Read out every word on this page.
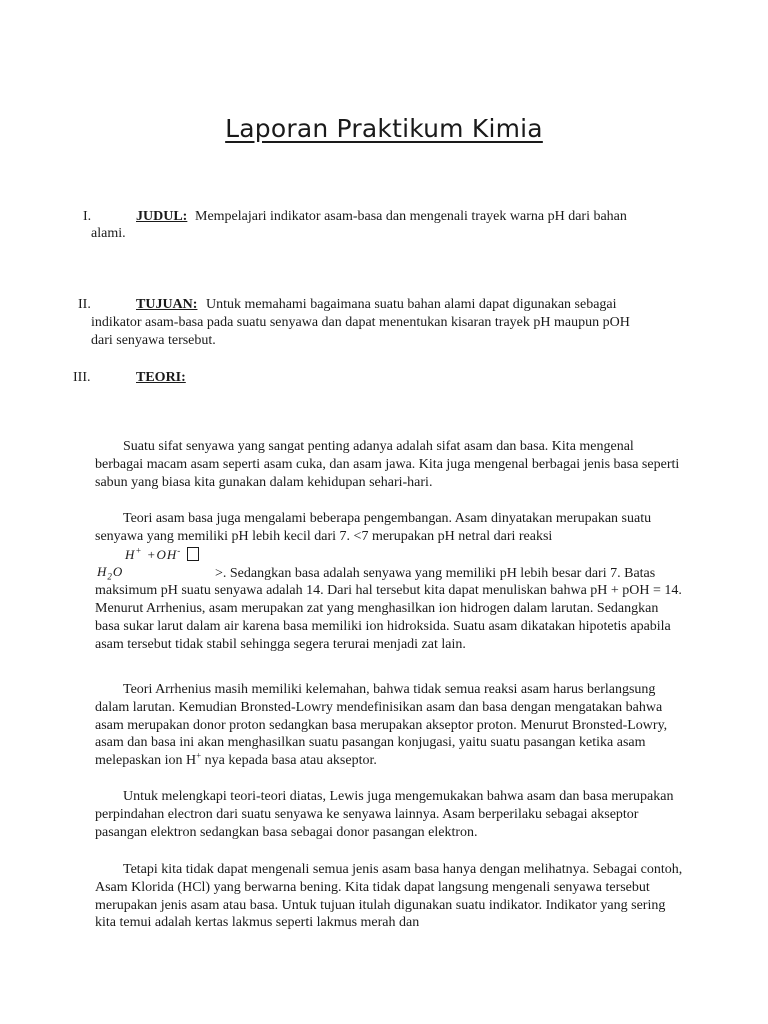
Laporan Praktikum Kimia
I.	JUDUL: Mempelajari indikator asam-basa dan mengenali trayek warna pH dari bahan
alami.
II.	TUJUAN: Untuk memahami bagaimana suatu bahan alami dapat digunakan sebagai
indikator asam-basa pada suatu senyawa dan dapat menentukan kisaran trayek pH maupun pOH
dari senyawa tersebut.
III.	TEORI:

Suatu sifat senyawa yang sangat penting adanya adalah sifat asam dan basa. Kita mengenal berbagai macam asam seperti asam cuka, dan asam jawa. Kita juga mengenal berbagai jenis basa seperti sabun yang biasa kita gunakan dalam kehidupan sehari-hari.

Teori asam basa juga mengalami beberapa pengembangan. Asam dinyatakan merupakan suatu senyawa yang memiliki pH lebih kecil dari 7. <7 merupakan pH netral dari reaksi
$H^+ +OH^-H_2O$	>. Sedangkan basa adalah senyawa yang memiliki pH lebih besar dari 7. Batas maksimum pH suatu senyawa adalah 14. Dari hal tersebut kita dapat menuliskan bahwa pH + pOH = 14. Menurut Arrhenius, asam merupakan zat yang menghasilkan ion hidrogen dalam larutan. Sedangkan basa sukar larut dalam air karena basa memiliki ion hidroksida. Suatu asam dikatakan hipotetis apabila asam tersebut tidak stabil sehingga segera terurai menjadi zat lain.

Teori Arrhenius masih memiliki kelemahan, bahwa tidak semua reaksi asam harus berlangsung dalam larutan. Kemudian Bronsted-Lowry mendefinisikan asam dan basa dengan mengatakan bahwa asam merupakan donor proton sedangkan basa merupakan akseptor proton. Menurut Bronsted-Lowry, asam dan basa ini akan menghasilkan suatu pasangan konjugasi, yaitu suatu pasangan ketika asam melepaskan ion H+ nya kepada basa atau akseptor.

Untuk melengkapi teori-teori diatas, Lewis juga mengemukakan bahwa asam dan basa merupakan perpindahan electron dari suatu senyawa ke senyawa lainnya. Asam berperilaku sebagai akseptor pasangan elektron sedangkan basa sebagai donor pasangan elektron.

Tetapi kita tidak dapat mengenali semua jenis asam basa hanya dengan melihatnya. Sebagai contoh, Asam Klorida (HCl) yang berwarna bening. Kita tidak dapat langsung mengenali senyawa tersebut merupakan jenis asam atau basa. Untuk tujuan itulah digunakan suatu indikator. Indikator yang sering kita temui adalah kertas lakmus seperti lakmus merah dan
